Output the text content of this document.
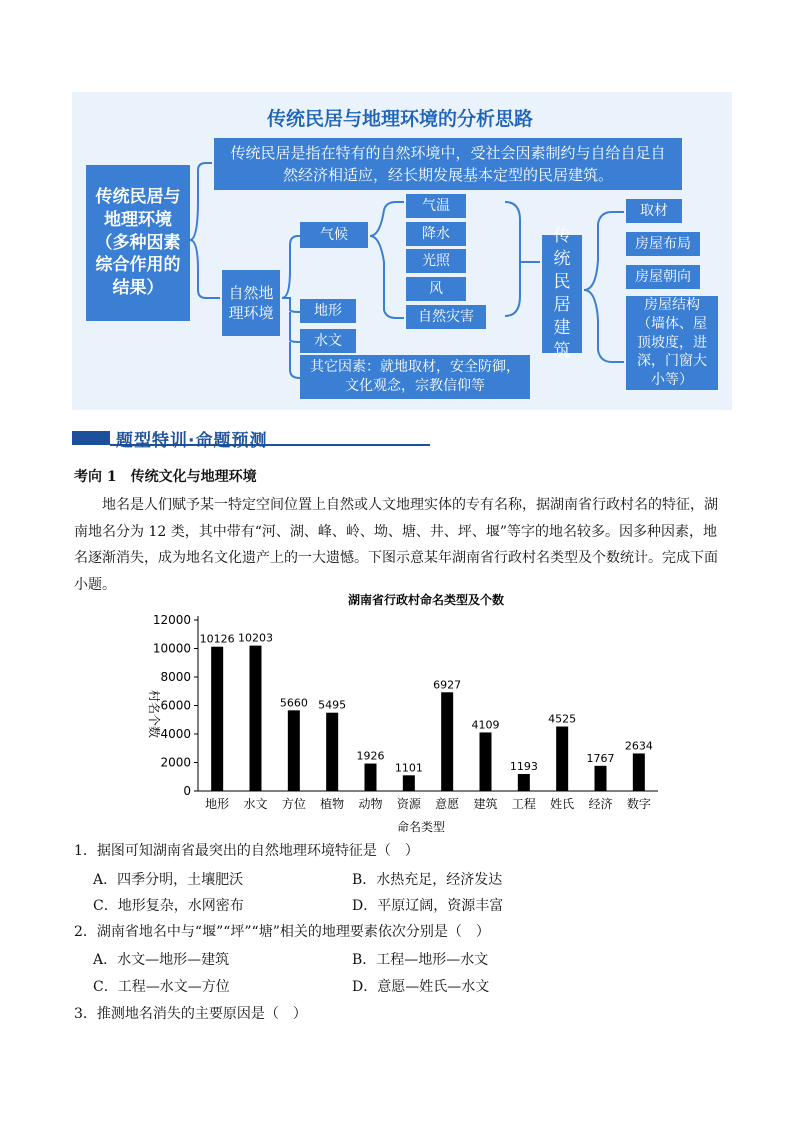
传统民居与地理环境的分析思路
传统民居与地理环境（多种因素综合作用的结果）
传统民居是指在特有的自然环境中，受社会因素制约与自给自足自然经济相适应，经长期发展基本定型的民居建筑。
自然地理环境
气候
地形
水文
其它因素：就地取材，安全防御，文化观念，宗教信仰等
气温
降水
光照
风
自然灾害
传统民居建筑
取材
房屋布局
房屋朝向
房屋结构（墙体、屋顶坡度，进深，门窗大小等）
题型特训·命题预测
考向 1　传统文化与地理环境

地名是人们赋予某一特定空间位置上自然或人文地理实体的专有名称，据湖南省行政村名的特征，湖南地名分为 12 类，其中带有“河、湖、峰、岭、坳、塘、井、坪、堰”等字的地名较多。因多种因素，地名逐渐消失，成为地名文化遗产上的一大遗憾。下图示意某年湖南省行政村名类型及个数统计。完成下面小题。

湖南省行政村命名类型及个数
村名个数
命名类型
0
2000
4000
6000
8000
10000
12000
10126
地形
10203
水文
5660
方位
5495
植物
1926
动物
1101
资源
6927
意愿
4109
建筑
1193
工程
4525
姓氏
1767
经济
2634
数字
1．据图可知湖南省最突出的自然地理环境特征是（　）
A．四季分明，土壤肥沃	B．水热充足，经济发达
C．地形复杂，水网密布	D．平原辽阔，资源丰富
2．湖南省地名中与“堰”“坪”“塘”相关的地理要素依次分别是（　）
A．水文—地形—建筑	B．工程—地形—水文
C．工程—水文—方位	D．意愿—姓氏—水文
3．推测地名消失的主要原因是（　）
